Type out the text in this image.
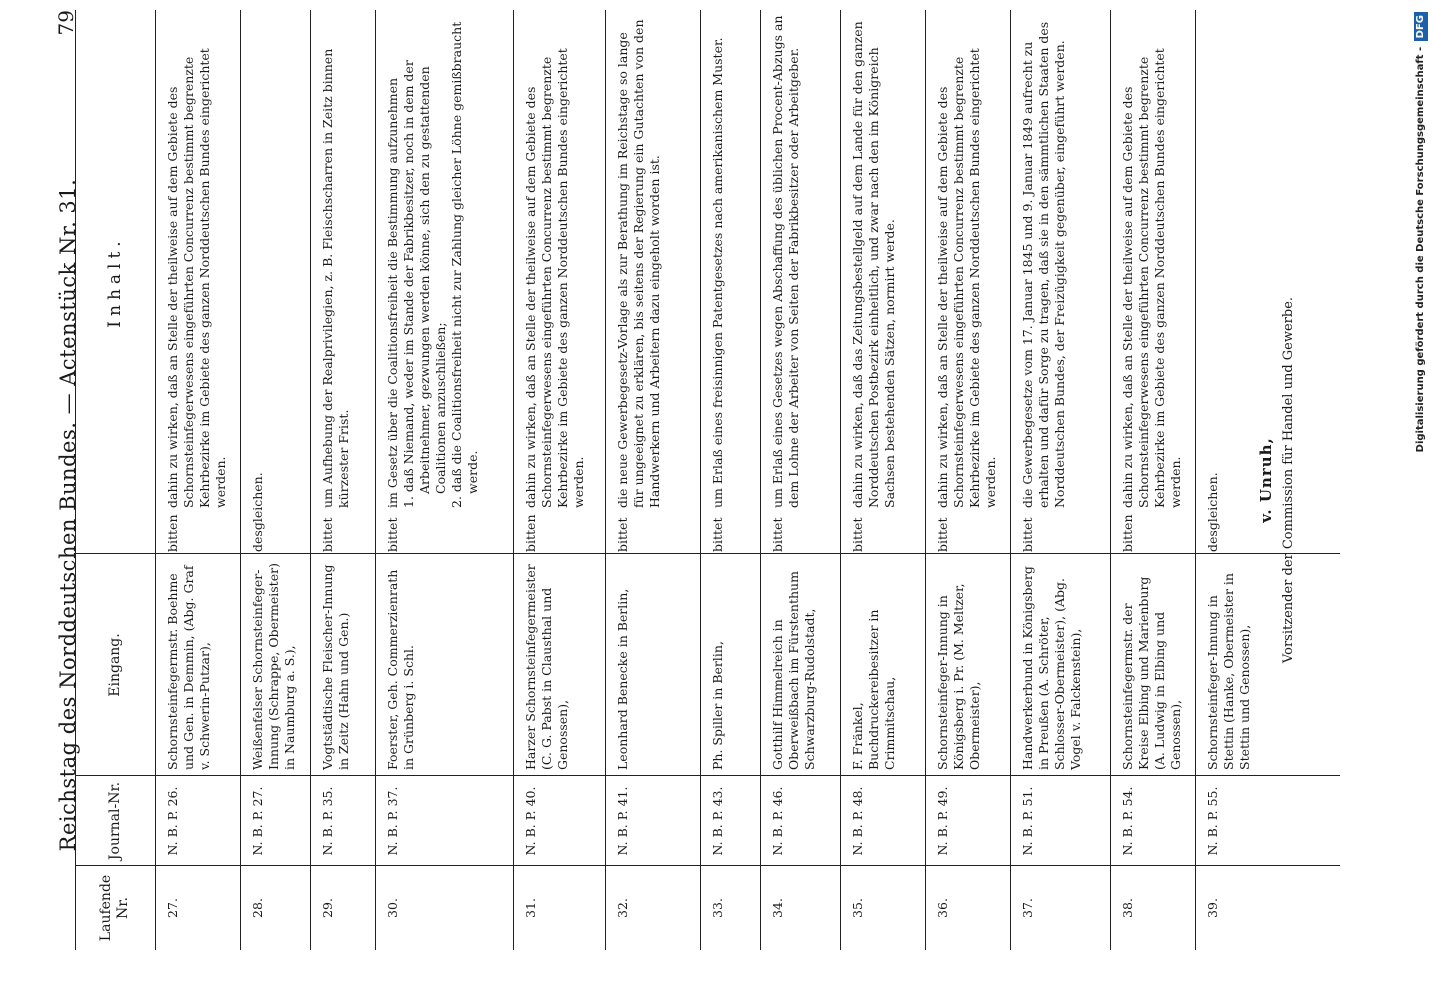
Reichstag des Norddeutschen Bundes. — Actenstück Nr. 31.
79
Laufende Nr.
Journal-Nr.
Eingang.
Inhalt.
27.
N. B. P. 26.
Schornsteinfegermstr. Boehme und Gen. in Demmin, (Abg. Graf v. Schwerin-Putzar),
bitten
dahin zu wirken, daß an Stelle der theilweise auf dem Gebiete des Schornsteinfegerwesens eingeführten Concurrenz bestimmt begrenzte Kehrbezirke im Gebiete des ganzen Norddeutschen Bundes eingerichtet werden.
28.
N. B. P. 27.
Weißenfelser Schornsteinfeger-Innung (Schrappe, Obermeister) in Naumburg a. S.),
desgleichen.
29.
N. B. P. 35.
Vogtstädtische Fleischer-Innung in Zeitz (Hahn und Gen.)
bittet
um Aufhebung der Realprivilegien, z. B. Fleischscharren in Zeitz binnen kürzester Frist.
30.
N. B. P. 37.
Foerster, Geh. Commerzienrath in Grünberg i. Schl.
bittet
im Gesetz über die Coalitionsfreiheit die Bestimmung aufzunehmen 1. daß Niemand, weder im Stande der Fabrikbesitzer, noch in dem der Arbeitnehmer, gezwungen werden könne, sich den zu gestattenden Coalitionen anzuschließen; 2. daß die Coalitionsfreiheit nicht zur Zahlung gleicher Löhne gemißbraucht werde.
31.
N. B. P. 40.
Harzer Schornsteinfegermeister (C. G. Pabst in Clausthal und Genossen),
bitten
dahin zu wirken, daß an Stelle der theilweise auf dem Gebiete des Schornsteinfegerwesens eingeführten Concurrenz bestimmt begrenzte Kehrbezirke im Gebiete des ganzen Norddeutschen Bundes eingerichtet werden.
32.
N. B. P. 41.
Leonhard Benecke in Berlin,
bittet
die neue Gewerbegesetz-Vorlage als zur Berathung im Reichstage so lange für ungeeignet zu erklären, bis seitens der Regierung ein Gutachten von den Handwerkern und Arbeitern dazu eingeholt worden ist.
33.
N. B. P. 43.
Ph. Spiller in Berlin,
bittet
um Erlaß eines freisinnigen Patentgesetzes nach amerikanischem Muster.
34.
N. B. P. 46.
Gotthilf Himmelreich in Oberweißbach im Fürstenthum Schwarzburg-Rudolstadt,
bittet
um Erlaß eines Gesetzes wegen Abschaffung des üblichen Procent-Abzugs an dem Lohne der Arbeiter von Seiten der Fabrikbesitzer oder Arbeitgeber.
35.
N. B. P. 48.
F. Fränkel, Buchdruckereibesitzer in Crimmitschau,
bittet
dahin zu wirken, daß das Zeitungsbestellgeld auf dem Lande für den ganzen Norddeutschen Postbezirk einheitlich, und zwar nach den im Königreich Sachsen bestehenden Sätzen, normirt werde.
36.
N. B. P. 49.
Schornsteinfeger-Innung in Königsberg i. Pr. (M. Meltzer, Obermeister),
bittet
dahin zu wirken, daß an Stelle der theilweise auf dem Gebiete des Schornsteinfegerwesens eingeführten Concurrenz bestimmt begrenzte Kehrbezirke im Gebiete des ganzen Norddeutschen Bundes eingerichtet werden.
37.
N. B. P. 51.
Handwerkerbund in Königsberg in Preußen (A. Schröter, Schlosser-Obermeister), (Abg. Vogel v. Falckenstein),
bittet
die Gewerbegesetze vom 17. Januar 1845 und 9. Januar 1849 aufrecht zu erhalten und dafür Sorge zu tragen, daß sie in den sämmtlichen Staaten des Norddeutschen Bundes, der Freizügigkeit gegenüber, eingeführt werden.
38.
N. B. P. 54.
Schornsteinfegermstr. der Kreise Elbing und Marienburg (A. Ludwig in Elbing und Genossen),
bitten
dahin zu wirken, daß an Stelle der theilweise auf dem Gebiete des Schornsteinfegerwesens eingeführten Concurrenz bestimmt begrenzte Kehrbezirke im Gebiete des ganzen Norddeutschen Bundes eingerichtet werden.
39.
N. B. P. 55.
Schornsteinfeger-Innung in Stettin (Hanke, Obermeister in Stettin und Genossen),
desgleichen. v. Unruh, Vorsitzender der Commission für Handel und Gewerbe.
Digitalisierung gefördert durch die Deutsche Forschungsgemeinschaft - DFG
